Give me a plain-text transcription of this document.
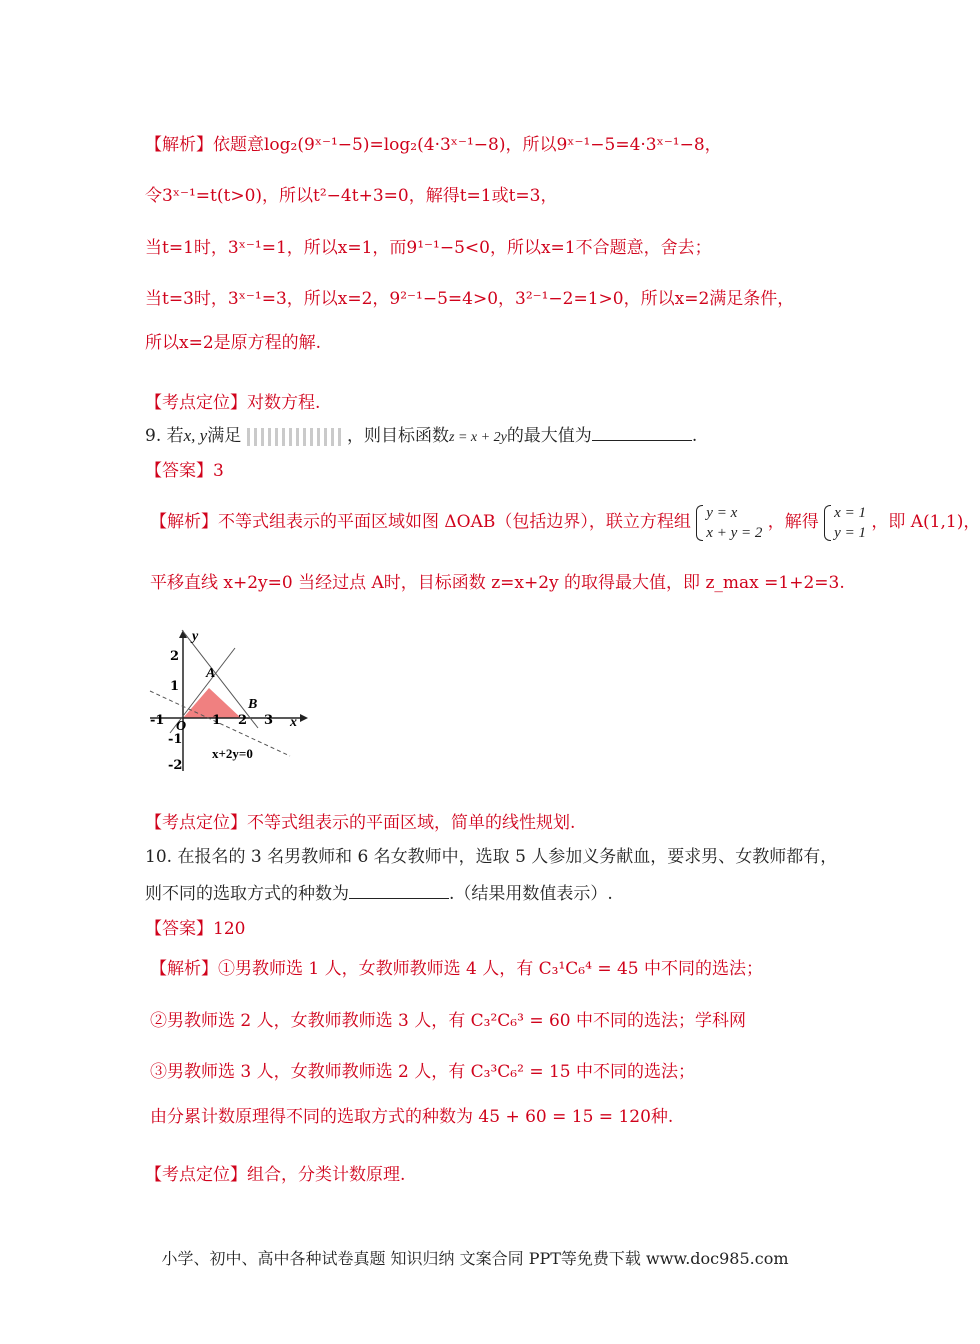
【解析】依题意log₂(9ˣ⁻¹−5)=log₂(4·3ˣ⁻¹−8)，所以9ˣ⁻¹−5=4·3ˣ⁻¹−8，
令3ˣ⁻¹=t(t>0)，所以t²−4t+3=0，解得t=1或t=3，
当t=1时，3ˣ⁻¹=1，所以x=1，而9¹⁻¹−5<0，所以x=1不合题意，舍去；
当t=3时，3ˣ⁻¹=3，所以x=2，9²⁻¹−5=4>0，3²⁻¹−2=1>0，所以x=2满足条件，
所以x=2是原方程的解.
【考点定位】对数方程.
9. 若x, y满足	，则目标函数z = x + 2y的最大值为	.
【答案】3
【解析】不等式组表示的平面区域如图 ΔOAB（包括边界），联立方程组 y = x
x + y = 2
，解得 x = 1
y = 1
，即 A(1,1)，
平移直线 x+2y=0 当经过点 A时，目标函数 z=x+2y 的取得最大值，即 z_max =1+2=3.
y
x
O
A
B
2
1
-1
-2
-1	1 2 3
x+2y=0
【考点定位】不等式组表示的平面区域，简单的线性规划.
10. 在报名的 3 名男教师和 6 名女教师中，选取 5 人参加义务献血，要求男、女教师都有，
则不同的选取方式的种数为	.（结果用数值表示）.
【答案】120
【解析】①男教师选 1 人，女教师教师选 4 人，有 C₃¹C₆⁴ = 45 中不同的选法；
②男教师选 2 人，女教师教师选 3 人，有 C₃²C₆³ = 60 中不同的选法；学科网
③男教师选 3 人，女教师教师选 2 人，有 C₃³C₆² = 15 中不同的选法；
由分累计数原理得不同的选取方式的种数为 45 + 60 = 15 = 120种.
【考点定位】组合，分类计数原理.
小学、初中、高中各种试卷真题 知识归纳 文案合同 PPT等免费下载 www.doc985.com
